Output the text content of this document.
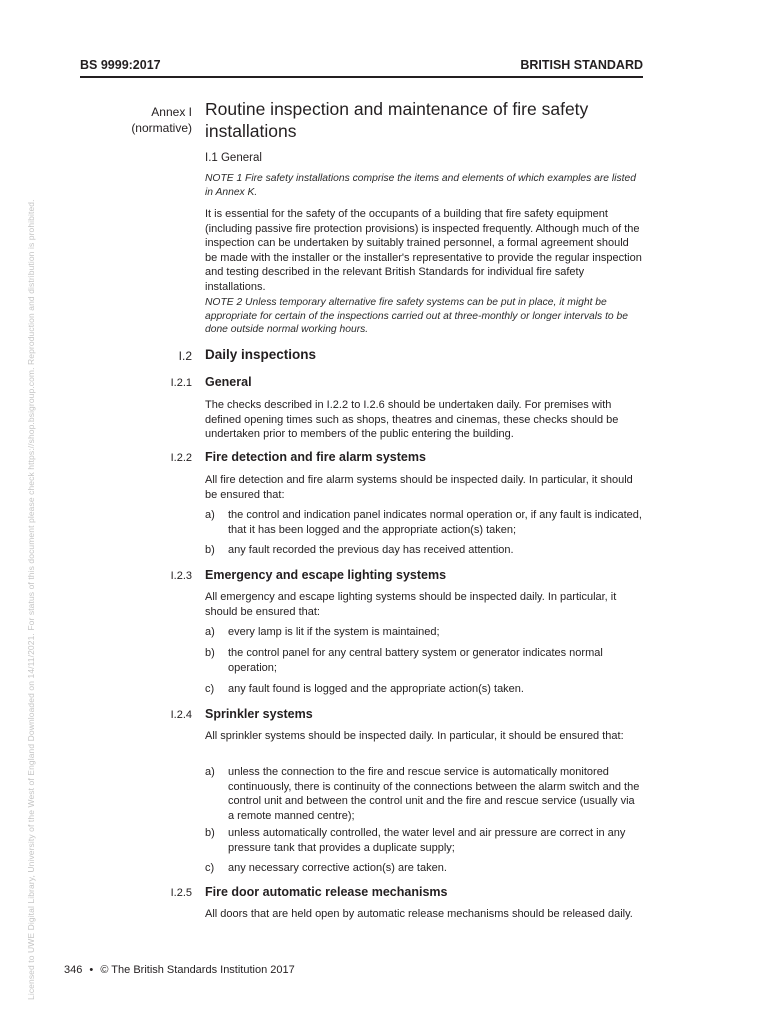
Licensed to UWE Digital Library, University of the West of England Downloaded on 14/11/2021. For status of this document please check https://shop.bsigroup.com. Reproduction and distribution is prohibited.
BS 9999:2017	BRITISH STANDARD
Annex I
(normative)
Routine inspection and maintenance of fire safety installations
I.1 General
NOTE 1 Fire safety installations comprise the items and elements of which examples are listed in Annex K.
It is essential for the safety of the occupants of a building that fire safety equipment (including passive fire protection provisions) is inspected frequently. Although much of the inspection can be undertaken by suitably trained personnel, a formal agreement should be made with the installer or the installer's representative to provide the regular inspection and testing described in the relevant British Standards for individual fire safety installations.
NOTE 2 Unless temporary alternative fire safety systems can be put in place, it might be appropriate for certain of the inspections carried out at three-monthly or longer intervals to be done outside normal working hours.
I.2 Daily inspections
I.2.1 General
The checks described in I.2.2 to I.2.6 should be undertaken daily. For premises with defined opening times such as shops, theatres and cinemas, these checks should be undertaken prior to members of the public entering the building.
I.2.2 Fire detection and fire alarm systems
All fire detection and fire alarm systems should be inspected daily. In particular, it should be ensured that:
a)	the control and indication panel indicates normal operation or, if any fault is indicated, that it has been logged and the appropriate action(s) taken;
b)	any fault recorded the previous day has received attention.
I.2.3 Emergency and escape lighting systems
All emergency and escape lighting systems should be inspected daily. In particular, it should be ensured that:
a)	every lamp is lit if the system is maintained;
b)	the control panel for any central battery system or generator indicates normal operation;
c)	any fault found is logged and the appropriate action(s) taken.
I.2.4 Sprinkler systems
All sprinkler systems should be inspected daily. In particular, it should be ensured that:
a)	unless the connection to the fire and rescue service is automatically monitored continuously, there is continuity of the connections between the alarm switch and the control unit and between the control unit and the fire and rescue service (usually via a remote manned centre);
b)	unless automatically controlled, the water level and air pressure are correct in any pressure tank that provides a duplicate supply;
c)	any necessary corrective action(s) are taken.
I.2.5 Fire door automatic release mechanisms
All doors that are held open by automatic release mechanisms should be released daily.
346 • © The British Standards Institution 2017
